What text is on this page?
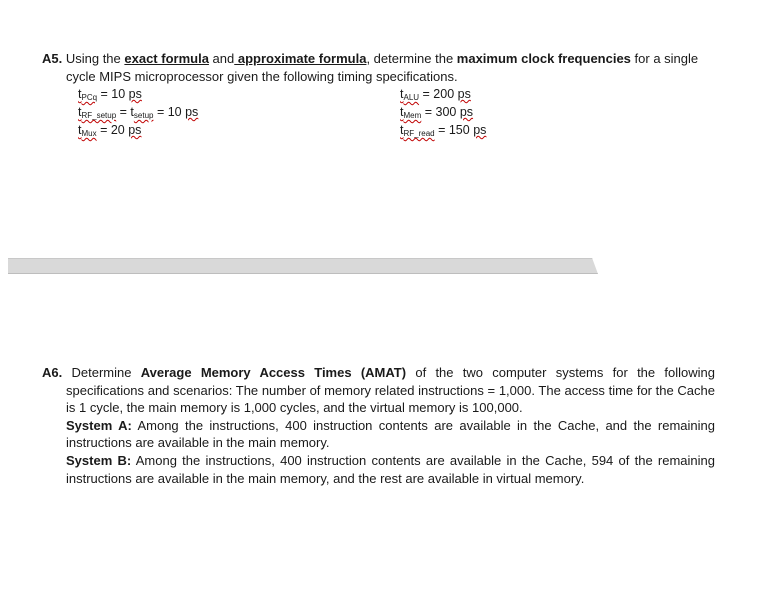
A5. Using the exact formula and approximate formula, determine the maximum clock frequencies for a single cycle MIPS microprocessor given the following timing specifications.
$t_{PCq} = 10$ ps
$t_{RF\_setup} = t_{setup} = 10$ ps
$t_{Mux} = 20$ ps
$t_{ALU} = 200$ ps
$t_{Mem} = 300$ ps
$t_{RF\_read} = 150$ ps
A6. Determine Average Memory Access Times (AMAT) of the two computer systems for the following specifications and scenarios: The number of memory related instructions = 1,000. The access time for the Cache is 1 cycle, the main memory is 1,000 cycles, and the virtual memory is 100,000.
System A: Among the instructions, 400 instruction contents are available in the Cache, and the remaining instructions are available in the main memory.
System B: Among the instructions, 400 instruction contents are available in the Cache, 594 of the remaining instructions are available in the main memory, and the rest are available in virtual memory.
